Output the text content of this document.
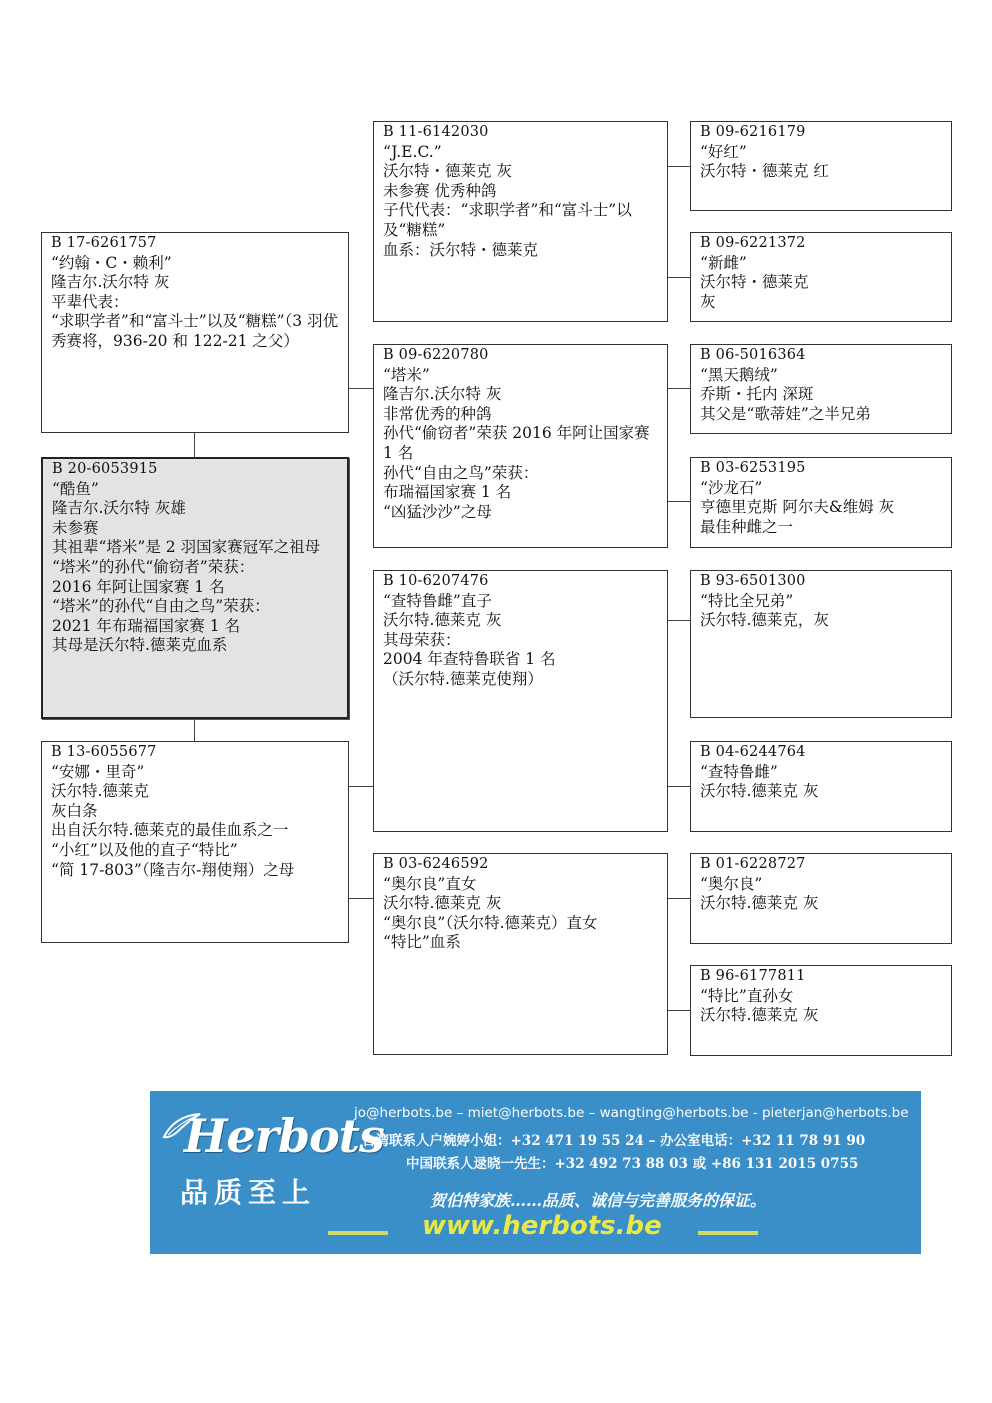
B 17-6261757
“约翰・C・赖利”
隆吉尔.沃尔特 灰
平辈代表：
“求职学者”和“富斗士”以及“糖糕”（3 羽优秀赛将，936-20 和 122-21 之父）
B 20-6053915
“酷鱼”
隆吉尔.沃尔特 灰雄
未参赛
其祖辈“塔米”是 2 羽国家赛冠军之祖母
“塔米”的孙代“偷窃者”荣获：
2016 年阿让国家赛 1 名
“塔米”的孙代“自由之鸟”荣获：
2021 年布瑞福国家赛 1 名
其母是沃尔特.德莱克血系
B 13-6055677
“安娜・里奇”
沃尔特.德莱克
灰白条
出自沃尔特.德莱克的最佳血系之一
“小红”以及他的直子“特比”
“简 17-803”（隆吉尔-翔使翔）之母
B 11-6142030
“J.E.C.”
沃尔特・德莱克 灰
未参赛 优秀种鸽
子代代表：“求职学者”和“富斗士”以及“糖糕”
血系：沃尔特・德莱克
B 09-6220780
“塔米”
隆吉尔.沃尔特 灰
非常优秀的种鸽
孙代“偷窃者”荣获 2016 年阿让国家赛 1 名
孙代“自由之鸟”荣获：
布瑞福国家赛 1 名
“凶猛沙沙”之母
B 10-6207476
“查特鲁雌”直子
沃尔特.德莱克 灰
其母荣获：
2004 年查特鲁联省 1 名
（沃尔特.德莱克使翔）
B 03-6246592
“奥尔良”直女
沃尔特.德莱克 灰
“奥尔良”（沃尔特.德莱克）直女
“特比”血系
B 09-6216179
“好红”
沃尔特・德莱克 红
B 09-6221372
“新雌”
沃尔特・德莱克
灰
B 06-5016364
“黑天鹅绒”
乔斯・托内 深斑
其父是“歌蒂娃”之半兄弟
B 03-6253195
“沙龙石”
亨德里克斯 阿尔夫&维姆 灰
最佳种雌之一
B 93-6501300
“特比全兄弟”
沃尔特.德莱克，灰
B 04-6244764
“查特鲁雌”
沃尔特.德莱克 灰
B 01-6228727
“奥尔良”
沃尔特.德莱克 灰
B 96-6177811
“特比”直孙女
沃尔特.德莱克 灰
Herbots
品质至上
jo@herbots.be – miet@herbots.be – wangting@herbots.be - pieterjan@herbots.be
台湾联系人户婉婷小姐：+32 471 19 55 24 – 办公室电话：+32 11 78 91 90
中国联系人逯晓一先生：+32 492 73 88 03 或 +86 131 2015 0755
贺伯特家族……品质、诚信与完善服务的保证。
www.herbots.be
